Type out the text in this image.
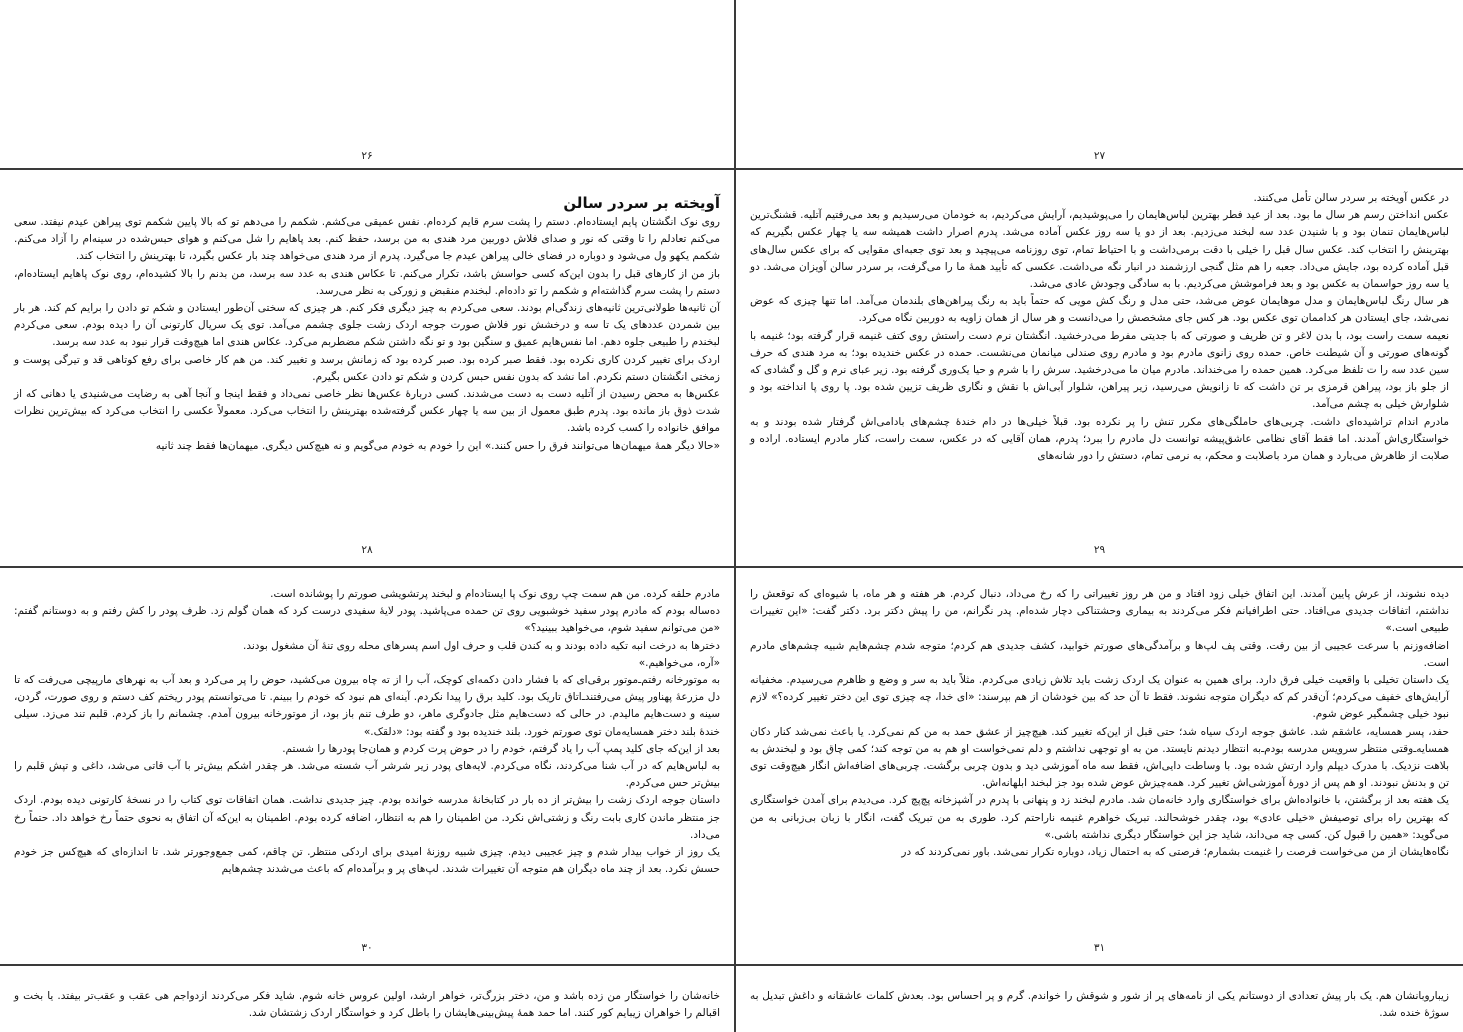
۲۷
۲۶

در عکس آویخته بر سردر سالن تأمل می‌کنند.

عکس انداختن رسم هر سال ما بود. بعد از عید فطر بهترین لباس‌هایمان را می‌پوشیدیم، آرایش می‌کردیم، به خودمان می‌رسیدیم و بعد می‌رفتیم آتلیه. قشنگ‌ترین لباس‌هایمان تنمان بود و با شنیدن عدد سه لبخند می‌زدیم. بعد از دو یا سه روز عکس آماده می‌شد. پدرم اصرار داشت همیشه سه یا چهار عکس بگیریم که بهترینش را انتخاب کند. عکس سال قبل را خیلی با دقت برمی‌داشت و با احتیاط تمام، توی روزنامه می‌پیچید و بعد توی جعبه‌ای مقوایی که برای عکس سال‌های قبل آماده کرده بود، جایش می‌داد. جعبه را هم مثل گنجی ارزشمند در انبار نگه می‌داشت. عکسی که تأیید همهٔ ما را می‌گرفت، بر سردر سالن آویزان می‌شد. دو یا سه روز حواسمان به عکس بود و بعد فراموشش می‌کردیم. با به سادگی وجودش عادی می‌شد.

هر سال رنگ لباس‌هایمان و مدل موهایمان عوض می‌شد، حتی مدل و رنگ کش مویی که حتماً باید به رنگ پیراهن‌های بلندمان می‌آمد. اما تنها چیزی که عوض نمی‌شد، جای ایستادن هر کداممان توی عکس بود. هر کس جای مشخصش را می‌دانست و هر سال از همان زاویه به دوربین نگاه می‌کرد.

نعیمه سمت راست بود، با بدن لاغر و تن ظریف و صورتی که با جدیتی مفرط می‌درخشید. انگشتان نرم دست راستش روی کتف غنیمه قرار گرفته بود؛ غنیمه با گونه‌های صورتی و آن شیطنت خاص. حمده روی زانوی مادرم بود و مادرم روی صندلی میانمان می‌نشست. حمده در عکس خندیده بود؛ به مرد هندی که حرف سین عدد سه را ت تلفظ می‌کرد. همین حمده را می‌خنداند. مادرم میان ما می‌درخشید. سرش را با شرم و حیا یک‌وری گرفته بود. زیر عبای نرم و گل و گشادی که از جلو باز بود، پیراهن قرمزی بر تن داشت که تا زانویش می‌رسید، زیر پیراهن، شلوار آبی‌اش با نقش و نگاری ظریف تزیین شده بود. پا روی پا انداخته بود و شلوارش خیلی به چشم می‌آمد.

مادرم اندام تراشیده‌ای داشت. چربی‌های حاملگی‌های مکرر تنش را پر نکرده بود. قبلاً خیلی‌ها در دام خندهٔ چشم‌های بادامی‌اش گرفتار شده بودند و به خواستگاری‌اش آمدند. اما فقط آقای نظامی عاشق‌پیشه توانست دل مادرم را ببرد؛ پدرم، همان آقایی که در عکس، سمت راست، کنار مادرم ایستاده. اراده و صلابت از ظاهرش می‌بارد و همان مرد باصلابت و محکم، به نرمی تمام، دستش را دور شانه‌های

۲۹
آویخته بر سردر سالن

روی نوک انگشتان پایم ایستاده‌ام. دستم را پشت سرم قایم کرده‌ام. نفس عمیقی می‌کشم. شکمم را می‌دهم تو که بالا پایین شکمم توی پیراهن عیدم نیفتد. سعی می‌کنم تعادلم را تا وقتی که نور و صدای فلاش دوربین مرد هندی به من برسد، حفظ کنم. بعد پاهایم را شل می‌کنم و هوای حبس‌شده در سینه‌ام را آزاد می‌کنم. شکمم یکهو ول می‌شود و دوباره در فضای خالی پیراهن عیدم جا می‌گیرد. پدرم از مرد هندی می‌خواهد چند بار عکس بگیرد، تا بهترینش را انتخاب کند.

باز من از کارهای قبل را بدون این‌که کسی حواسش باشد، تکرار می‌کنم. تا عکاس هندی به عدد سه برسد، من بدنم را بالا کشیده‌ام، روی نوک پاهایم ایستاده‌ام، دستم را پشت سرم گذاشته‌ام و شکمم را تو داده‌ام. لبخندم منقبض و زورکی به نظر می‌رسد.

آن ثانیه‌ها طولانی‌ترین ثانیه‌های زندگی‌ام بودند. سعی می‌کردم به چیز دیگری فکر کنم. هر چیزی که سختی آن‌طور ایستادن و شکم تو دادن را برایم کم کند. هر بار بین شمردن عددهای یک تا سه و درخشش نور فلاش صورت جوجه اردک زشت جلوی چشمم می‌آمد. توی یک سریال کارتونی آن را دیده بودم. سعی می‌کردم لبخندم را طبیعی جلوه دهم. اما نفس‌هایم عمیق و سنگین بود و تو نگه داشتن شکم مضطربم می‌کرد. عکاس هندی اما هیچ‌وقت قرار نبود به عدد سه برسد.

اردک برای تغییر کردن کاری نکرده بود. فقط صبر کرده بود. صبر کرده بود که زمانش برسد و تغییر کند. من هم کار خاصی برای رفع کوتاهی قد و تیرگی پوست و زمختی انگشتان دستم نکردم. اما نشد که بدون نفس حبس کردن و شکم تو دادن عکس بگیرم.

عکس‌ها به محض رسیدن از آتلیه دست به دست می‌شدند. کسی دربارهٔ عکس‌ها نظر خاصی نمی‌داد و فقط اینجا و آنجا آهی به رضایت می‌شنیدی یا دهانی که از شدت ذوق باز مانده بود. پدرم طبق معمول از بین سه یا چهار عکس گرفته‌شده بهترینش را انتخاب می‌کرد. معمولاً عکسی را انتخاب می‌کرد که بیش‌ترین نظرات موافق خانواده را کسب کرده باشد.

«حالا دیگر همهٔ میهمان‌ها می‌توانند فرق را حس کنند.» این را خودم به خودم می‌گویم و نه هیچ‌کس دیگری. میهمان‌ها فقط چند ثانیه

۲۸

دیده نشوند، از عرش پایین آمدند. این اتفاق خیلی زود افتاد و من هر روز تغییراتی را که رخ می‌داد، دنبال کردم. هر هفته و هر ماه، با شیوه‌ای که توقعش را نداشتم، اتفاقات جدیدی می‌افتاد. حتی اطرافیانم فکر می‌کردند به بیماری وحشتناکی دچار شده‌ام. پدر نگرانم، من را پیش دکتر برد. دکتر گفت: «این تغییرات طبیعی است.»

اضافه‌وزنم با سرعت عجیبی از بین رفت. وقتی پف لپ‌ها و برآمدگی‌های صورتم خوابید، کشف جدیدی هم کردم؛ متوجه شدم چشم‌هایم شبیه چشم‌های مادرم است.

یک داستان تخیلی با واقعیت خیلی فرق دارد. برای همین به عنوان یک اردک زشت باید تلاش زیادی می‌کردم. مثلاً باید به سر و وضع و ظاهرم می‌رسیدم. مخفیانه آرایش‌های خفیف می‌کردم؛ آن‌قدر کم که دیگران متوجه نشوند. فقط تا آن حد که بین خودشان از هم بپرسند: «ای خدا، چه چیزی توی این دختر تغییر کرده؟» لازم نبود خیلی چشمگیر عوض شوم.

حفد، پسر همسایه، عاشقم شد. عاشق جوجه اردک سیاه شد؛ حتی قبل از این‌که تغییر کند. هیچ‌چیز از عشق حمد به من کم نمی‌کرد. یا باعث نمی‌شد کنار دکان همسایه‌ـ‌وقتی منتظر سرویس مدرسه بودم‌ـ‌به انتظار دیدنم نایستد. من به او توجهی نداشتم و دلم نمی‌خواست او هم به من توجه کند؛ کمی چاق بود و لبخندش به بلاهت نزدیک. با مدرک دیپلم وارد ارتش شده بود. با وساطت دایی‌اش، فقط سه ماه آموزشی دید و بدون چربی برگشت. چربی‌های اضافه‌اش انگار هیچ‌وقت توی تن و بدنش نبودند. او هم پس از دورهٔ آموزشی‌اش تغییر کرد. همه‌چیزش عوض شده بود جز لبخند ابلهانه‌اش.

یک هفته بعد از برگشتن، با خانواده‌اش برای خواستگاری وارد خانه‌مان شد. مادرم لبخند زد و پنهانی با پدرم در آشپزخانه پچ‌پچ کرد. می‌دیدم برای آمدن خواستگاری که بهترین راه برای توصیفش «خیلی عادی» بود، چقدر خوشحالند. تبریک خواهرم غنیمه ناراحتم کرد. طوری به من تبریک گفت، انگار با زبان بی‌زبانی به من می‌گوید: «همین را قبول کن. کسی چه می‌داند، شاید جز این خواستگار دیگری نداشته باشی.»

نگاه‌هایشان از من می‌خواست فرصت را غنیمت بشمارم؛ فرصتی که به احتمال زیاد، دوباره تکرار نمی‌شد. باور نمی‌کردند که در

۳۱

مادرم حلقه کرده. من هم سمت چپ روی نوک پا ایستاده‌ام و لبخند پرتشویشی صورتم را پوشانده است.

ده‌ساله بودم که مادرم پودر سفید خوشبویی روی تن حمده می‌پاشید. پودر لایهٔ سفیدی درست کرد که همان گولم زد. ظرف پودر را کش رفتم و به دوستانم گفتم: «من می‌توانم سفید شوم، می‌خواهید ببینید؟»

دخترها به درخت انبه تکیه داده بودند و به کندن قلب و حرف اول اسم پسرهای محله روی تنهٔ آن مشغول بودند.

«آره، می‌خواهیم.»

به موتورخانه رفتم‌ـ‌موتور برقی‌ای که با فشار دادن دکمه‌ای کوچک، آب را از ته چاه بیرون می‌کشید، حوض را پر می‌کرد و بعد آب به نهرهای مارپیچی می‌رفت که تا دل مزرعهٔ پهناور پیش می‌رفتند‌ـ‌اتاق تاریک بود. کلید برق را پیدا نکردم. آینه‌ای هم نبود که خودم را ببینم. تا می‌توانستم پودر ریختم کف دستم و روی صورت، گردن، سینه و دست‌هایم مالیدم. در حالی که دست‌هایم مثل جادوگری ماهر، دو طرف تنم باز بود، از موتورخانه بیرون آمدم. چشمانم را باز کردم. قلبم تند می‌زد. سیلی خندهٔ بلند دختر همسایه‌مان توی صورتم خورد. بلند خندیده بود و گفته بود: «دلقک.»

بعد از این‌که جای کلید پمپ آب را یاد گرفتم، خودم را در حوض پرت کردم و همان‌جا پودرها را شستم.

به لباس‌هایم که در آب شنا می‌کردند، نگاه می‌کردم. لایه‌های پودر زیر شرشر آب شسته می‌شد. هر چقدر اشکم بیش‌تر با آب قاتی می‌شد، داغی و تپش قلبم را بیش‌تر حس می‌کردم.

داستان جوجه اردک زشت را بیش‌تر از ده بار در کتابخانهٔ مدرسه خوانده بودم. چیز جدیدی نداشت. همان اتفاقات توی کتاب را در نسخهٔ کارتونی دیده بودم. اردک جز منتظر ماندن کاری بابت رنگ و زشتی‌اش نکرد. من اطمینان را هم به انتظار، اضافه کرده بودم. اطمینان به این‌که آن اتفاق به نحوی حتماً رخ خواهد داد. حتماً رخ می‌داد.

یک روز از خواب بیدار شدم و چیز عجیبی دیدم. چیزی شبیه روزنهٔ امیدی برای اردکی منتظر. تن چاقم، کمی جمع‌وجورتر شد. تا اندازه‌ای که هیچ‌کس جز خودم حسش نکرد. بعد از چند ماه دیگران هم متوجه آن تغییرات شدند. لپ‌های پر و برآمده‌ام که باعث می‌شدند چشم‌هایم

۳۰

زیباروبانشان هم. یک بار پیش تعدادی از دوستانم یکی از نامه‌های پر از شور و شوقش را خواندم. گرم و پر احساس بود. بعدش کلمات عاشقانه و داغش تبدیل به سوژهٔ خنده شد.

خانه‌شان را خواستگار من زده باشد و من، دختر بزرگ‌تر، خواهر ارشد، اولین عروس خانه شوم. شاید فکر می‌کردند ازدواجم هی عقب و عقب‌تر بیفتد. یا بخت و اقبالم را خواهران زیبایم کور کنند. اما حمد همهٔ پیش‌بینی‌هایشان را باطل کرد و خواستگار اردک زشتشان شد.
